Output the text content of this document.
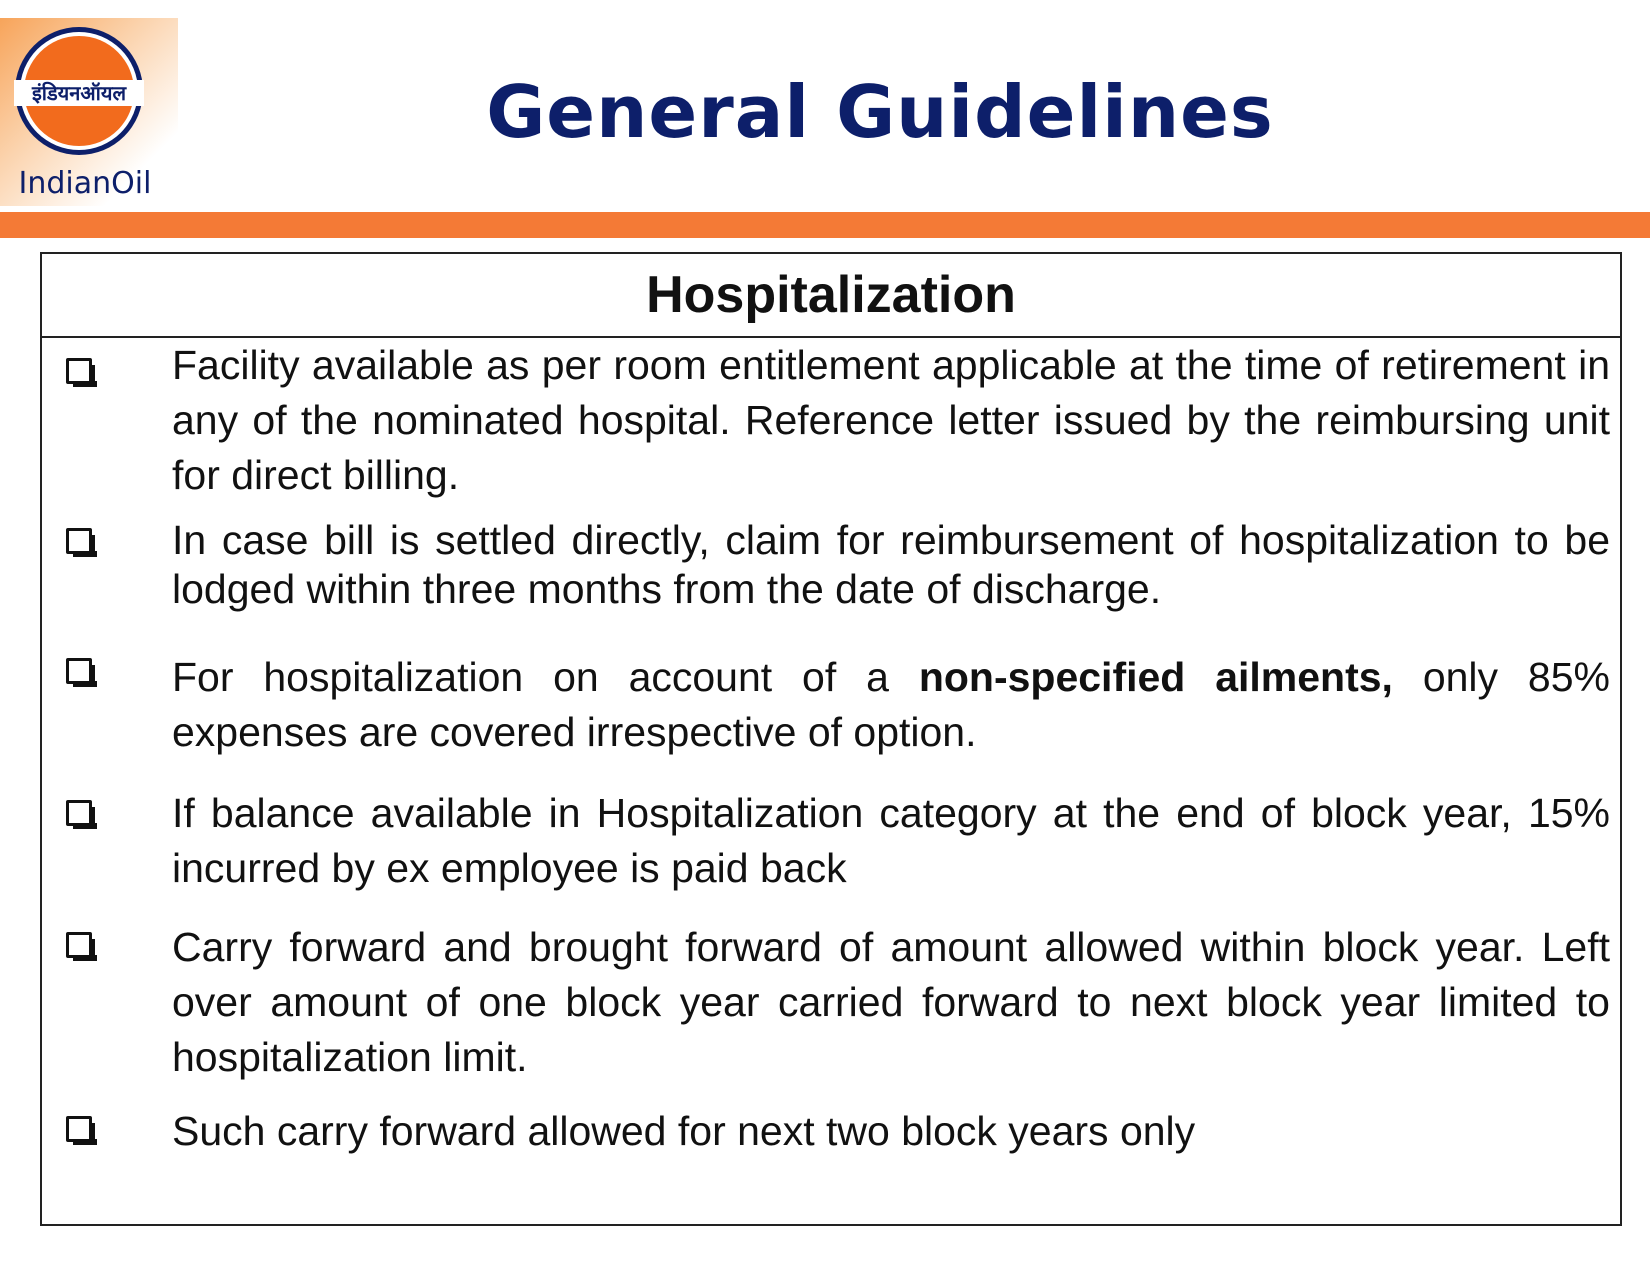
इंडियनऑयल
IndianOil
General Guidelines
Hospitalization

Facility available as per room entitlement applicable at the time of retirement in any of the nominated hospital. Reference letter issued by the reimbursing unit for direct billing.

In case bill is settled directly, claim for reimbursement of hospitalization to be lodged within three months from the date of discharge.

For hospitalization on account of a non-specified ailments, only 85% expenses are covered irrespective of option.

If balance available in Hospitalization category at the end of block year, 15% incurred by ex employee is paid back

Carry forward and brought forward of amount allowed within block year. Left over amount of one block year carried forward to next block year limited to hospitalization limit.

Such carry forward allowed for next two block years only
